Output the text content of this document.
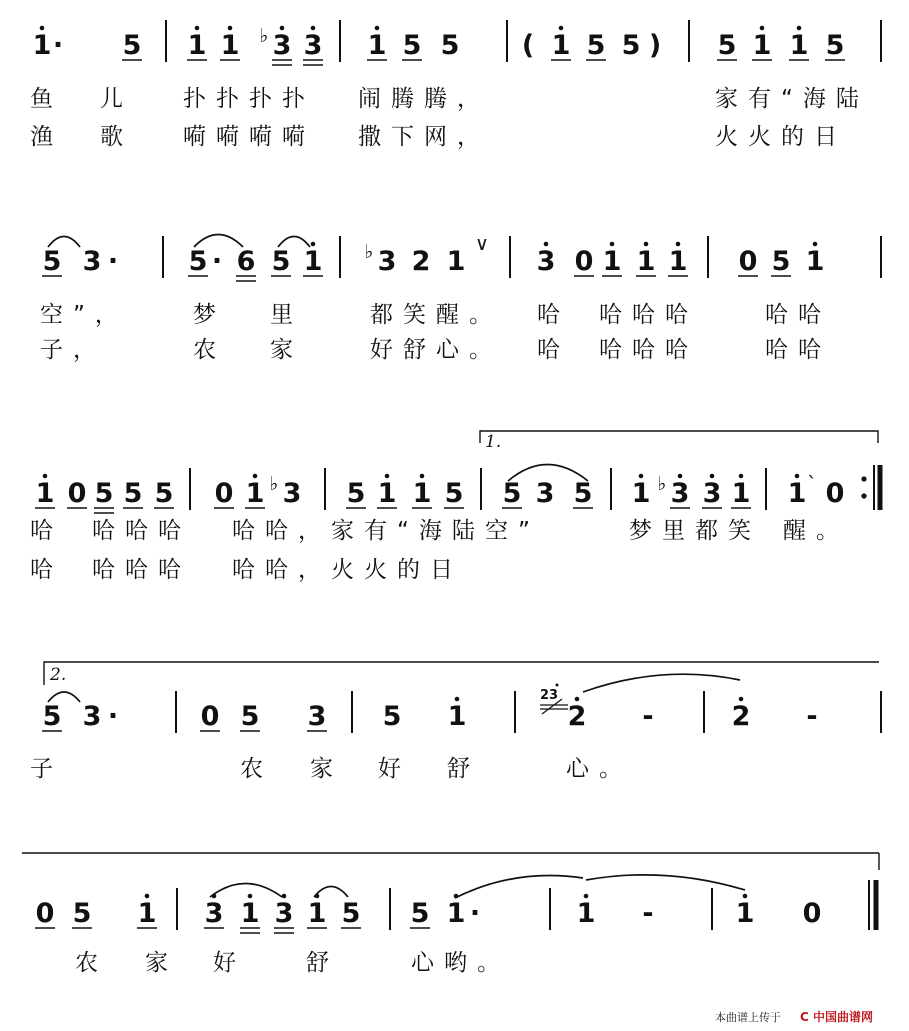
1 · 5 1 1 3 3 1 5 5 ( 1 5 5 ) 5 1 1 5
♭
5 3 ·	5 · 6 5 1 3 2 1
∨
3 0 1 1 1 0 5 1
♭
1 0 5 5 5 0 1 3 5 1 1 5 5 3 5 1 3 3 1 1 0
♭	♭	ˋ
5 3 ·	0 5 3 5 1	2 -	2 -
0 5 1 3 1 3 1 5 5 1 ·	1 -	1 0
鱼 儿 扑扑扑扑 闹腾腾，	家有“海陆
渔 歌 嗬嗬嗬嗬 撒下网，	火火的日
空”，	梦 里	都笑醒。 哈 哈哈哈	哈哈
子，	农 家	好舒心。 哈 哈哈哈	哈哈
哈 哈哈哈 哈哈，家有“海陆 空”	梦里都笑 醒。
哈 哈哈哈 哈哈，火火的日
子	农 家 好 舒	心。
农 家 好	舒	心哟。
1.
2.
23
本曲谱上传于 C 中国曲谱网
